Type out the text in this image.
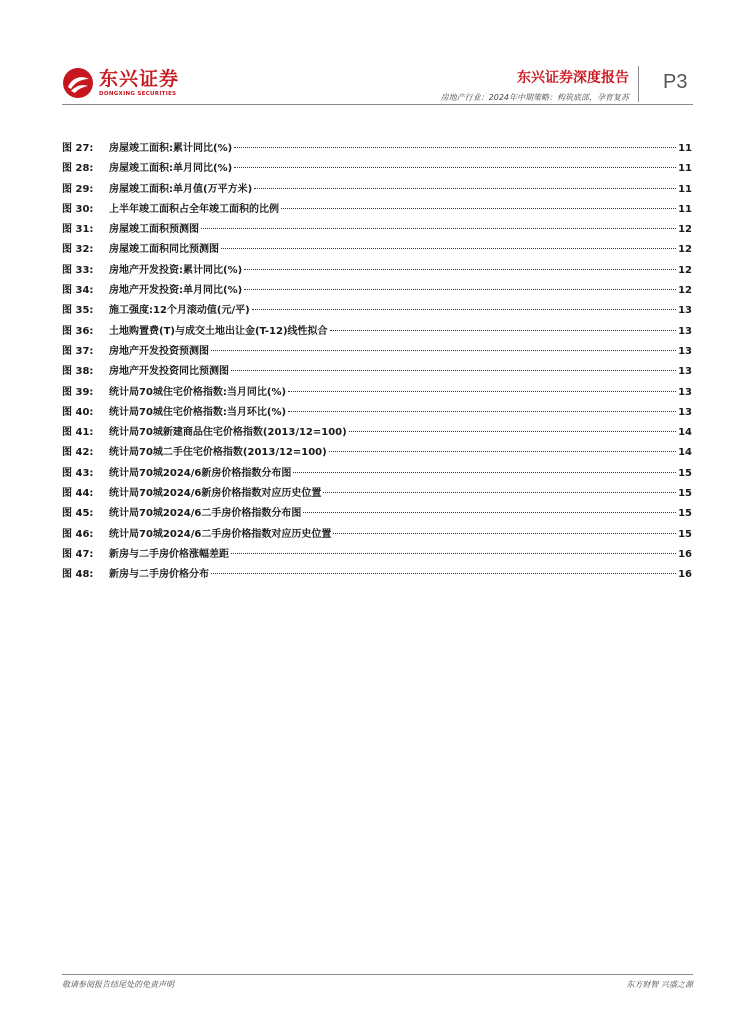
东兴证券
DONGXING SECURITIES
东兴证券深度报告
房地产行业：2024年中期策略：构筑底部，孕育复苏
P3
图 27:	房屋竣工面积:累计同比(%)	11
图 28:	房屋竣工面积:单月同比(%)	11
图 29:	房屋竣工面积:单月值(万平方米)	11
图 30:	上半年竣工面积占全年竣工面积的比例	11
图 31:	房屋竣工面积预测图	12
图 32:	房屋竣工面积同比预测图	12
图 33:	房地产开发投资:累计同比(%)	12
图 34:	房地产开发投资:单月同比(%)	12
图 35:	施工强度:12个月滚动值(元/平)	13
图 36:	土地购置费(T)与成交土地出让金(T-12)线性拟合	13
图 37:	房地产开发投资预测图	13
图 38:	房地产开发投资同比预测图	13
图 39:	统计局70城住宅价格指数:当月同比(%)	13
图 40:	统计局70城住宅价格指数:当月环比(%)	13
图 41:	统计局70城新建商品住宅价格指数(2013/12=100)	14
图 42:	统计局70城二手住宅价格指数(2013/12=100)	14
图 43:	统计局70城2024/6新房价格指数分布图	15
图 44:	统计局70城2024/6新房价格指数对应历史位置	15
图 45:	统计局70城2024/6二手房价格指数分布图	15
图 46:	统计局70城2024/6二手房价格指数对应历史位置	15
图 47:	新房与二手房价格涨幅差距	16
图 48:	新房与二手房价格分布	16
敬请参阅报告结尾处的免责声明	东方财智 兴盛之源
